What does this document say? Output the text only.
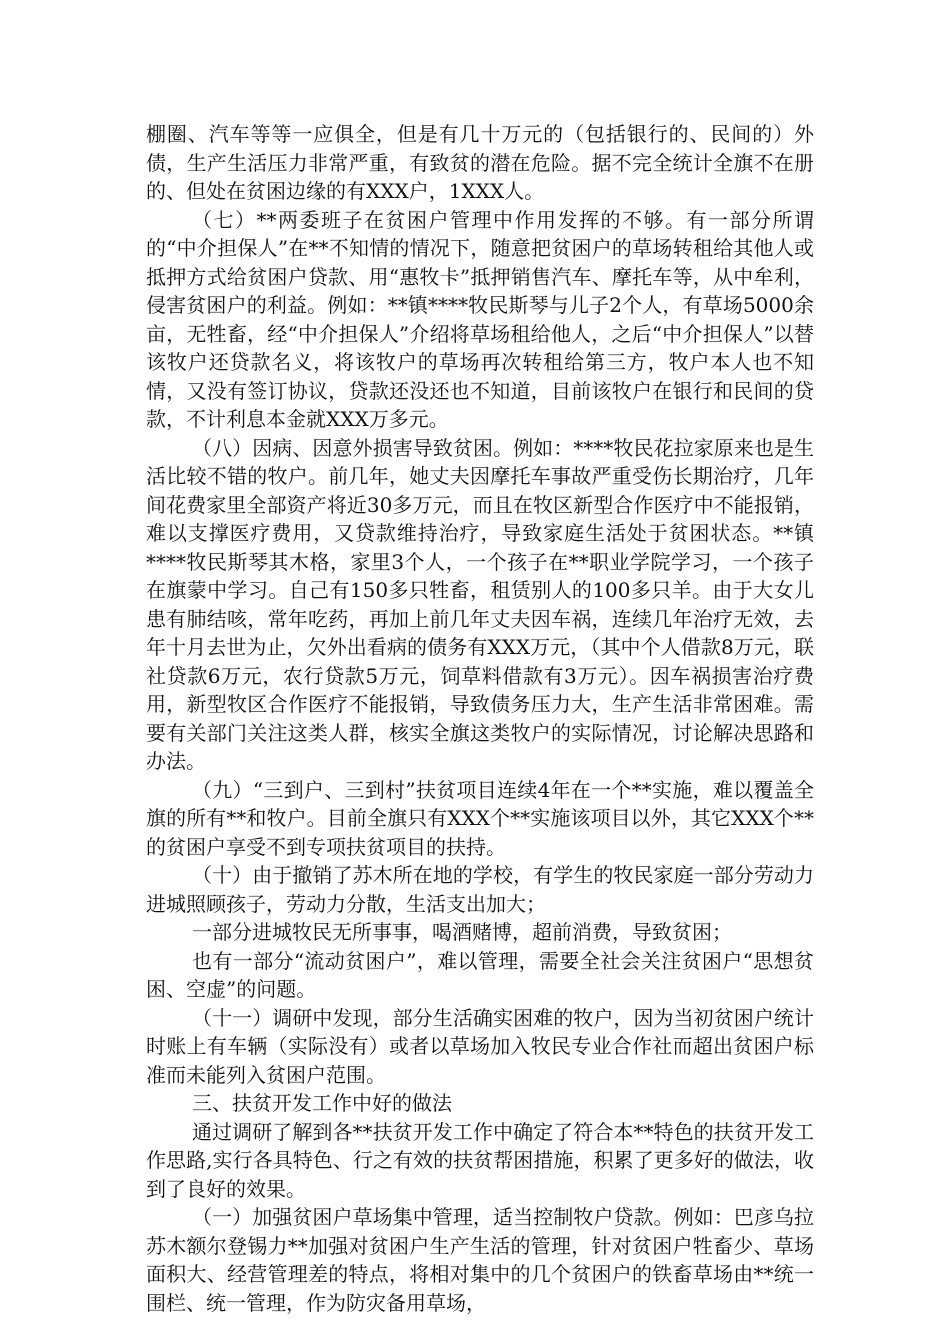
棚圈、汽车等等一应俱全，但是有几十万元的（包括银行的、民间的）外债，生产生活压力非常严重，有致贫的潜在危险。据不完全统计全旗不在册的、但处在贫困边缘的有XXX户，1XXX人。

（七）**两委班子在贫困户管理中作用发挥的不够。有一部分所谓的“中介担保人”在**不知情的情况下，随意把贫困户的草场转租给其他人或抵押方式给贫困户贷款、用“惠牧卡”抵押销售汽车、摩托车等，从中牟利，侵害贫困户的利益。例如：**镇****牧民斯琴与儿子2个人，有草场5000余亩，无牲畜，经“中介担保人”介绍将草场租给他人，之后“中介担保人”以替该牧户还贷款名义，将该牧户的草场再次转租给第三方，牧户本人也不知情，又没有签订协议，贷款还没还也不知道，目前该牧户在银行和民间的贷款，不计利息本金就XXX万多元。

（八）因病、因意外损害导致贫困。例如：****牧民花拉家原来也是生活比较不错的牧户。前几年，她丈夫因摩托车事故严重受伤长期治疗，几年间花费家里全部资产将近30多万元，而且在牧区新型合作医疗中不能报销，难以支撑医疗费用，又贷款维持治疗，导致家庭生活处于贫困状态。**镇****牧民斯琴其木格，家里3个人，一个孩子在**职业学院学习，一个孩子在旗蒙中学习。自己有150多只牲畜，租赁别人的100多只羊。由于大女儿患有肺结咳，常年吃药，再加上前几年丈夫因车祸，连续几年治疗无效，去年十月去世为止，欠外出看病的债务有XXX万元，（其中个人借款8万元，联社贷款6万元，农行贷款5万元，饲草料借款有3万元）。因车祸损害治疗费用，新型牧区合作医疗不能报销，导致债务压力大，生产生活非常困难。需要有关部门关注这类人群，核实全旗这类牧户的实际情况，讨论解决思路和办法。

（九）“三到户、三到村”扶贫项目连续4年在一个**实施，难以覆盖全旗的所有**和牧户。目前全旗只有XXX个**实施该项目以外，其它XXX个**的贫困户享受不到专项扶贫项目的扶持。

（十）由于撤销了苏木所在地的学校，有学生的牧民家庭一部分劳动力进城照顾孩子，劳动力分散，生活支出加大；

一部分进城牧民无所事事，喝酒赌博，超前消费，导致贫困；

也有一部分“流动贫困户”，难以管理，需要全社会关注贫困户“思想贫困、空虚”的问题。

（十一）调研中发现，部分生活确实困难的牧户，因为当初贫困户统计时账上有车辆（实际没有）或者以草场加入牧民专业合作社而超出贫困户标准而未能列入贫困户范围。

三、扶贫开发工作中好的做法

通过调研了解到各**扶贫开发工作中确定了符合本**特色的扶贫开发工作思路,实行各具特色、行之有效的扶贫帮困措施，积累了更多好的做法，收到了良好的效果。

（一）加强贫困户草场集中管理，适当控制牧户贷款。例如：巴彦乌拉苏木额尔登锡力**加强对贫困户生产生活的管理，针对贫困户牲畜少、草场面积大、经营管理差的特点，将相对集中的几个贫困户的铁畜草场由**统一围栏、统一管理，作为防灾备用草场，
